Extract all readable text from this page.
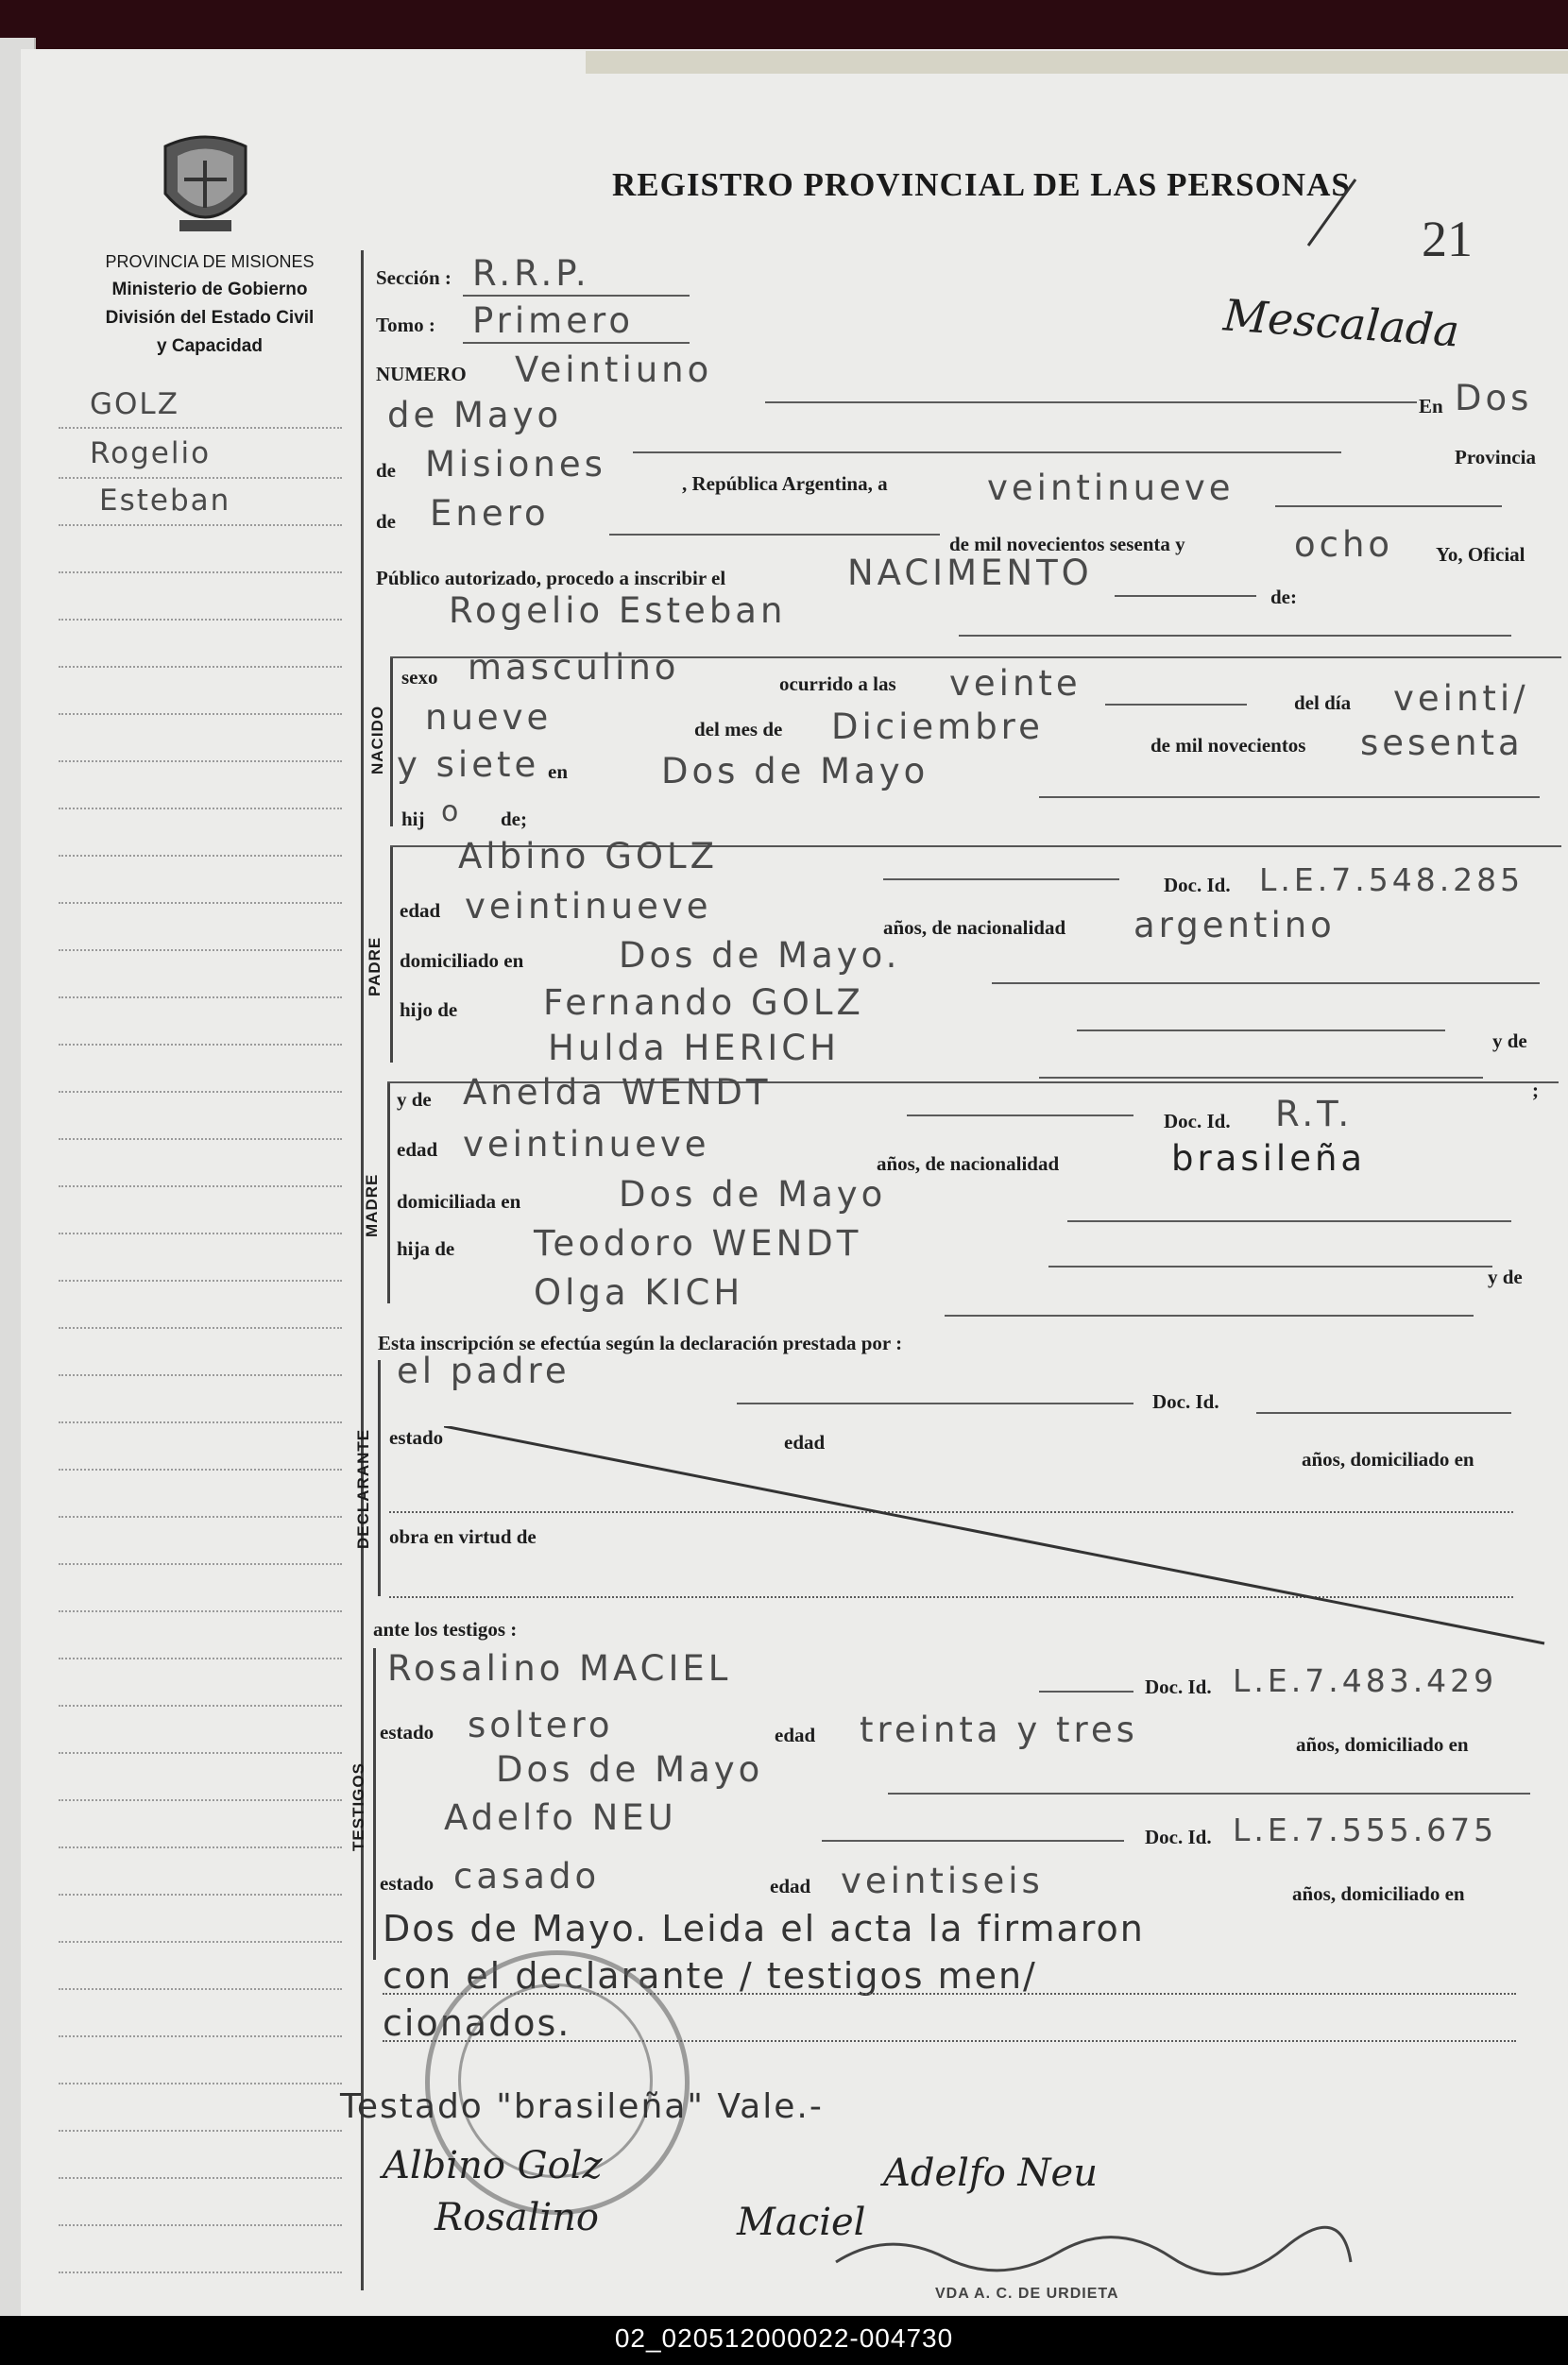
PROVINCIA DE MISIONES
Ministerio de Gobierno
División del Estado Civil
y Capacidad
REGISTRO PROVINCIAL DE LAS PERSONAS
21
Mescalada
GOLZ
Rogelio
Esteban
Sección : R.R.P.
Tomo : Primero
NUMERO Veintiuno
En Dos
de Mayo
Provincia
de Misiones	, República Argentina, a	veintinueve
de Enero
de mil novecientos sesenta y	ocho Yo, Oficial
Público autorizado, procedo a inscribir el	NACIMENTO
de:
Rogelio Esteban
NACIDO
sexo masculino	ocurrido a las veinte	del día veinti/
nueve	del mes de Diciembre	de mil novecientos sesenta
y siete en	Dos de Mayo
hij o de;
PADRE
Albino GOLZ
Doc. Id. L.E.7.548.285
edad veintinueve
años, de nacionalidad argentino
domiciliado en	Dos de Mayo.
hijo de Fernando GOLZ
Hulda HERICH	y de
MADRE
y de Anelda WENDT	;
Doc. Id. R.T.
edad veintinueve	años, de nacionalidad	brasileña
domiciliada en	Dos de Mayo
hija de Teodoro WENDT
Olga KICH	y de
Esta inscripción se efectúa según la declaración prestada por :
DECLARANTE
el padre
Doc. Id.
estado	edad
años, domiciliado en
obra en virtud de
ante los testigos :
TESTIGOS
Rosalino MACIEL	Doc. Id. L.E.7.483.429
estado soltero	edad treinta y tres	años, domiciliado en
Dos de Mayo
Adelfo NEU	Doc. Id. L.E.7.555.675
estado casado	edad veintiseis	años, domiciliado en
Dos de Mayo. Leida el acta la firmaron
con el declarante / testigos men/
cionados.
Testado "brasileña" Vale.-
Albino Golz	Adelfo Neu
Rosalino	Maciel
VDA A. C. DE URDIETA
02_020512000022-004730
